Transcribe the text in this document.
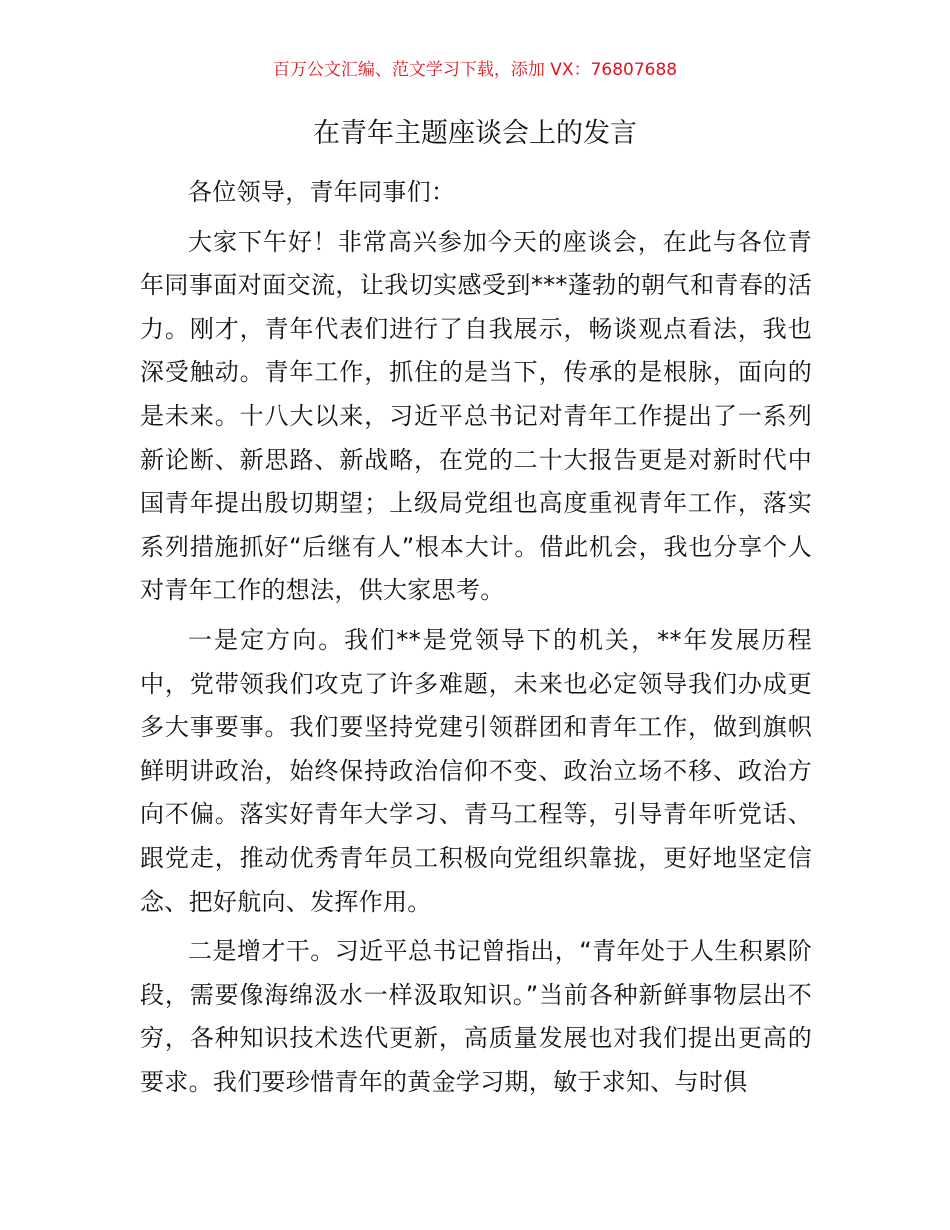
百万公文汇编、范文学习下载，添加 VX：76807688
在青年主题座谈会上的发言

各位领导，青年同事们：

大家下午好！非常高兴参加今天的座谈会，在此与各位青年同事面对面交流，让我切实感受到***蓬勃的朝气和青春的活力。刚才，青年代表们进行了自我展示，畅谈观点看法，我也深受触动。青年工作，抓住的是当下，传承的是根脉，面向的是未来。十八大以来，习近平总书记对青年工作提出了一系列新论断、新思路、新战略，在党的二十大报告更是对新时代中国青年提出殷切期望；上级局党组也高度重视青年工作，落实系列措施抓好“后继有人”根本大计。借此机会，我也分享个人对青年工作的想法，供大家思考。

一是定方向。我们**是党领导下的机关，**年发展历程中，党带领我们攻克了许多难题，未来也必定领导我们办成更多大事要事。我们要坚持党建引领群团和青年工作，做到旗帜鲜明讲政治，始终保持政治信仰不变、政治立场不移、政治方向不偏。落实好青年大学习、青马工程等，引导青年听党话、跟党走，推动优秀青年员工积极向党组织靠拢，更好地坚定信念、把好航向、发挥作用。

二是增才干。习近平总书记曾指出，“青年处于人生积累阶段，需要像海绵汲水一样汲取知识。”当前各种新鲜事物层出不穷，各种知识技术迭代更新，高质量发展也对我们提出更高的要求。我们要珍惜青年的黄金学习期，敏于求知、与时俱
